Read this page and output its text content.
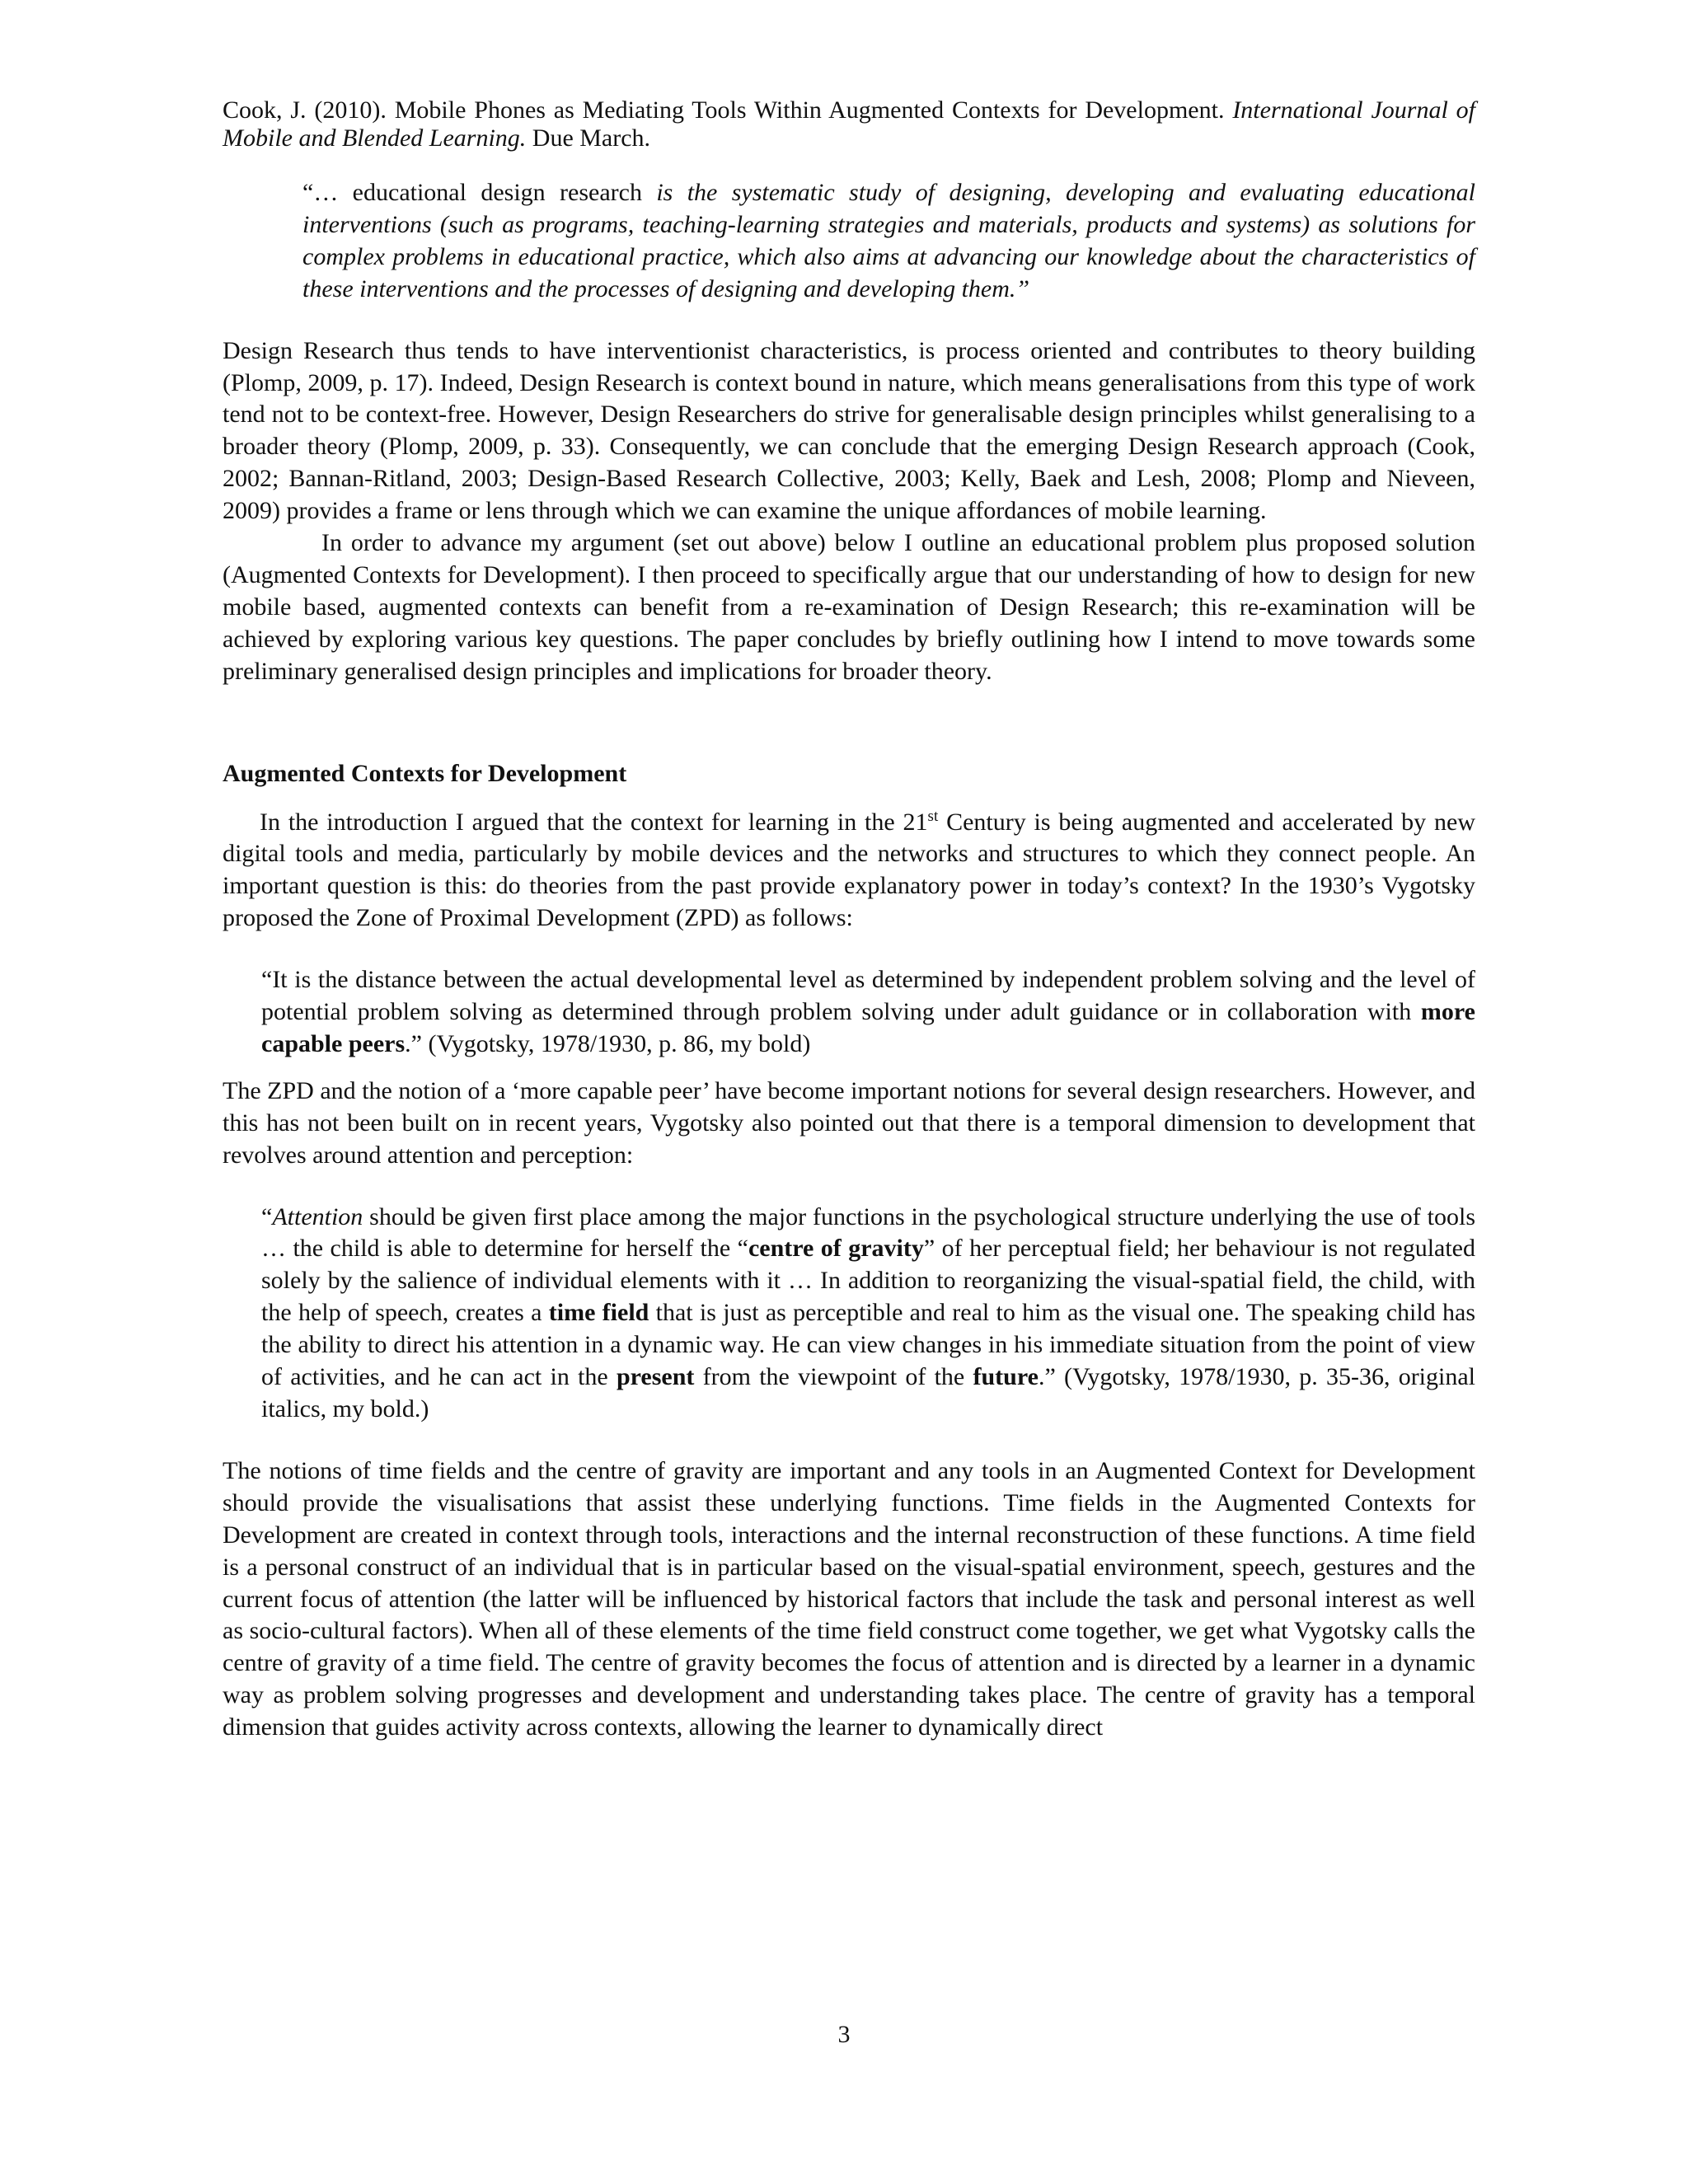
Cook, J. (2010). Mobile Phones as Mediating Tools Within Augmented Contexts for Development. International Journal of Mobile and Blended Learning. Due March.

“… educational design research is the systematic study of designing, developing and evaluating educational interventions (such as programs, teaching-learning strategies and materials, products and systems) as solutions for complex problems in educational practice, which also aims at advancing our knowledge about the characteristics of these interventions and the processes of designing and developing them.”

Design Research thus tends to have interventionist characteristics, is process oriented and contributes to theory building (Plomp, 2009, p. 17). Indeed, Design Research is context bound in nature, which means generalisations from this type of work tend not to be context-free. However, Design Researchers do strive for generalisable design principles whilst generalising to a broader theory (Plomp, 2009, p. 33). Consequently, we can conclude that the emerging Design Research approach (Cook, 2002; Bannan-Ritland, 2003; Design-Based Research Collective, 2003; Kelly, Baek and Lesh, 2008; Plomp and Nieveen, 2009) provides a frame or lens through which we can examine the unique affordances of mobile learning.

In order to advance my argument (set out above) below I outline an educational problem plus proposed solution (Augmented Contexts for Development). I then proceed to specifically argue that our understanding of how to design for new mobile based, augmented contexts can benefit from a re-examination of Design Research; this re-examination will be achieved by exploring various key questions. The paper concludes by briefly outlining how I intend to move towards some preliminary generalised design principles and implications for broader theory.

Augmented Contexts for Development

In the introduction I argued that the context for learning in the 21st Century is being augmented and accelerated by new digital tools and media, particularly by mobile devices and the networks and structures to which they connect people. An important question is this: do theories from the past provide explanatory power in today’s context? In the 1930’s Vygotsky proposed the Zone of Proximal Development (ZPD) as follows:

“It is the distance between the actual developmental level as determined by independent problem solving and the level of potential problem solving as determined through problem solving under adult guidance or in collaboration with more capable peers.” (Vygotsky, 1978/1930, p. 86, my bold)

The ZPD and the notion of a ‘more capable peer’ have become important notions for several design researchers. However, and this has not been built on in recent years, Vygotsky also pointed out that there is a temporal dimension to development that revolves around attention and perception:

“Attention should be given first place among the major functions in the psychological structure underlying the use of tools … the child is able to determine for herself the “centre of gravity” of her perceptual field; her behaviour is not regulated solely by the salience of individual elements with it … In addition to reorganizing the visual-spatial field, the child, with the help of speech, creates a time field that is just as perceptible and real to him as the visual one. The speaking child has the ability to direct his attention in a dynamic way. He can view changes in his immediate situation from the point of view of activities, and he can act in the present from the viewpoint of the future.” (Vygotsky, 1978/1930, p. 35-36, original italics, my bold.)

The notions of time fields and the centre of gravity are important and any tools in an Augmented Context for Development should provide the visualisations that assist these underlying functions. Time fields in the Augmented Contexts for Development are created in context through tools, interactions and the internal reconstruction of these functions. A time field is a personal construct of an individual that is in particular based on the visual-spatial environment, speech, gestures and the current focus of attention (the latter will be influenced by historical factors that include the task and personal interest as well as socio-cultural factors). When all of these elements of the time field construct come together, we get what Vygotsky calls the centre of gravity of a time field. The centre of gravity becomes the focus of attention and is directed by a learner in a dynamic way as problem solving progresses and development and understanding takes place. The centre of gravity has a temporal dimension that guides activity across contexts, allowing the learner to dynamically direct

3
